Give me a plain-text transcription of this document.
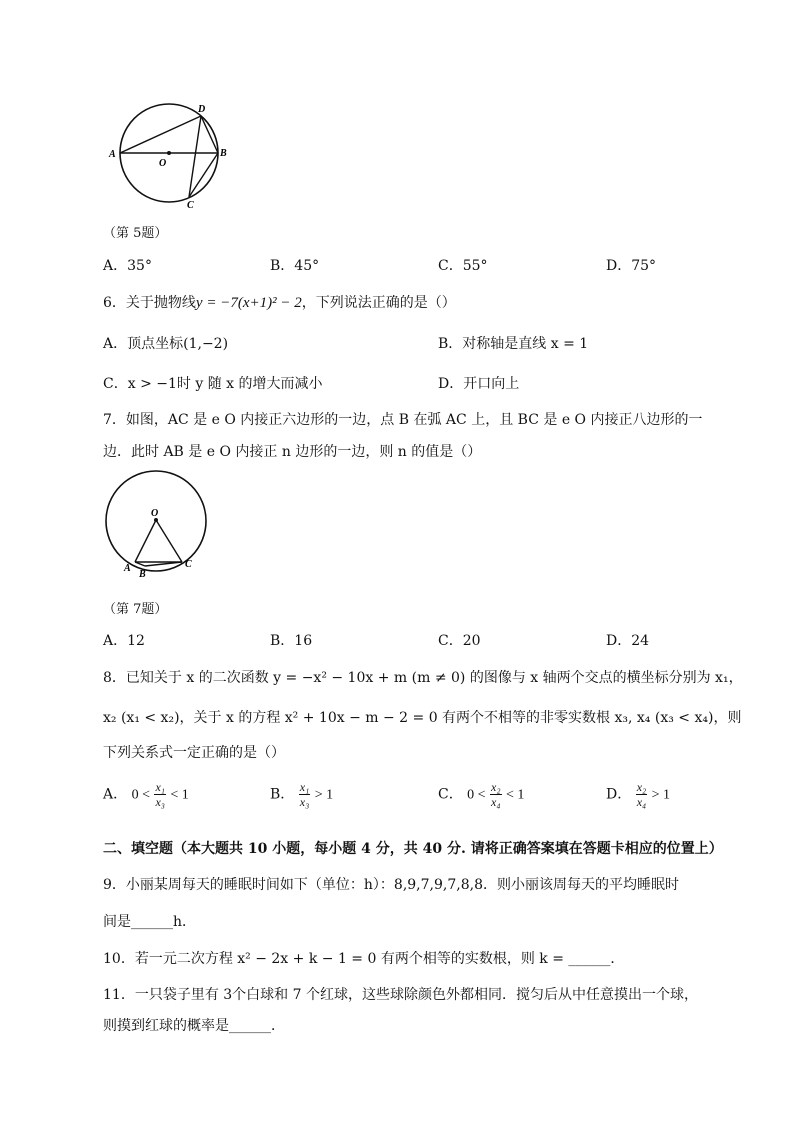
A	B
C
D
O
（第 5题）
A．35°	B．45°	C．55°	D．75°
6．关于抛物线y = −7(x+1)² − 2，下列说法正确的是（）
A．顶点坐标(1,−2)	B．对称轴是直线 x = 1
C．x > −1时 y 随 x 的增大而减小	D．开口向上
7．如图，AC 是 e O 内接正六边形的一边，点 B 在弧 AC 上，且 BC 是 e O 内接正八边形的一
边．此时 AB 是 e O 内接正 n 边形的一边，则 n 的值是（）
O
A
B
C
（第 7题）
A．12	B．16	C．20	D．24
8．已知关于 x 的二次函数 y = −x² − 10x + m (m ≠ 0) 的图像与 x 轴两个交点的横坐标分别为 x₁，
x₂ (x₁ < x₂)，关于 x 的方程 x² + 10x − m − 2 = 0 有两个不相等的非零实数根 x₃, x₄ (x₃ < x₄)，则
下列关系式一定正确的是（）
A． $0 < \frac{\text{x₁}}{\text{x₃}} < 1$	B． $\frac{\text{x₁}}{\text{x₃}} > 1$	C． $0 < \frac{\text{x₂}}{\text{x₄}} < 1$	D． $\frac{\text{x₂}}{\text{x₄}} > 1$
二、填空题（本大题共 10 小题，每小题 4 分，共 40 分. 请将正确答案填在答题卡相应的位置上）
9．小丽某周每天的睡眠时间如下（单位：h）：8,9,7,9,7,8,8．则小丽该周每天的平均睡眠时
间是______h．
10．若一元二次方程 x² − 2x + k − 1 = 0 有两个相等的实数根，则 k = ______．
11．一只袋子里有 3个白球和 7 个红球，这些球除颜色外都相同．搅匀后从中任意摸出一个球，
则摸到红球的概率是______．
